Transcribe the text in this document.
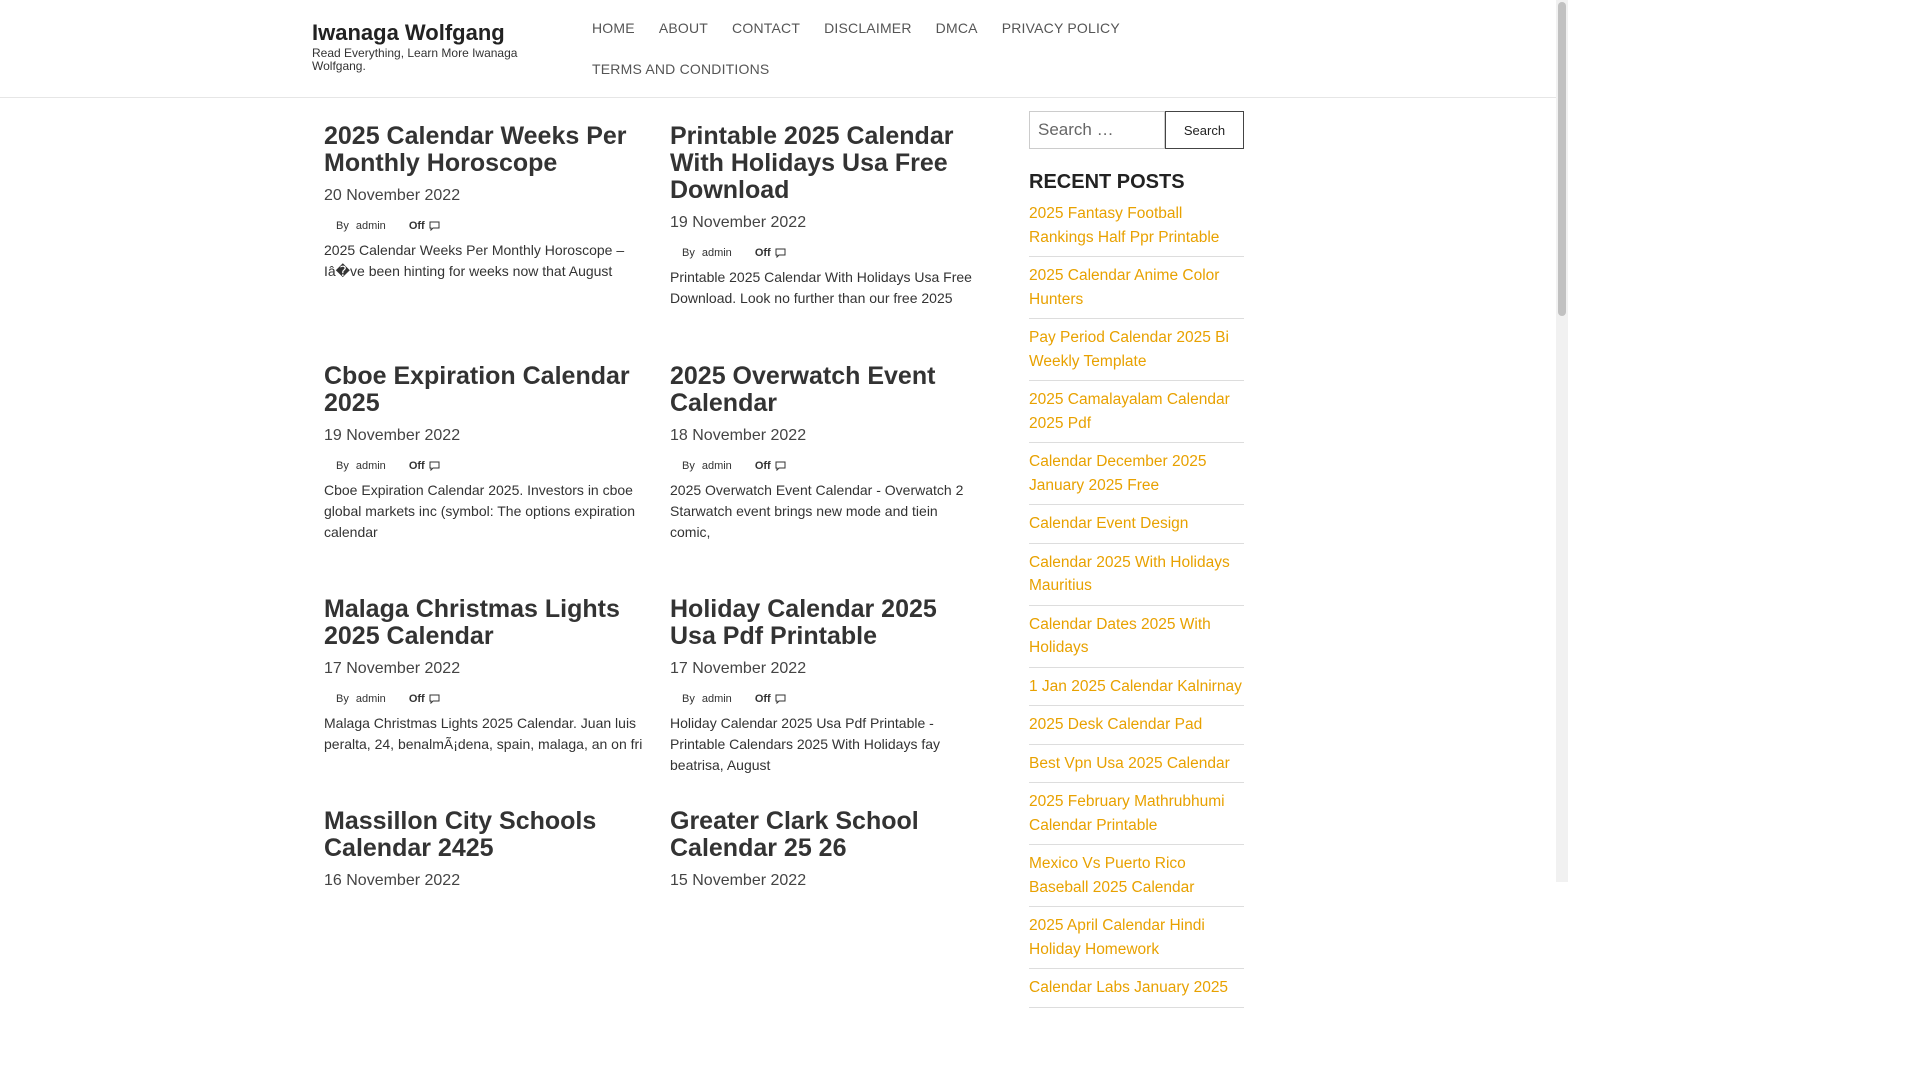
Iwanaga Wolfgang
Read Everything, Learn More Iwanaga Wolfgang.
HOME	ABOUT	CONTACT	DISCLAIMER	DMCA	PRIVACY POLICY
TERMS AND CONDITIONS
2025 Calendar Weeks Per Monthly Horoscope
20 November 2022
By admin Off
2025 Calendar Weeks Per Monthly Horoscope – Iâ�ve been hinting for weeks now that August
Printable 2025 Calendar With Holidays Usa Free Download
19 November 2022
By admin Off
Printable 2025 Calendar With Holidays Usa Free Download. Look no further than our free 2025
Cboe Expiration Calendar 2025
19 November 2022
By admin Off
Cboe Expiration Calendar 2025. Investors in cboe global markets inc (symbol: The options expiration calendar
2025 Overwatch Event Calendar
18 November 2022
By admin Off
2025 Overwatch Event Calendar - Overwatch 2 Starwatch event brings new mode and tiein comic,
Malaga Christmas Lights 2025 Calendar
17 November 2022
By admin Off
Malaga Christmas Lights 2025 Calendar. Juan luis peralta, 24, benalmÃ¡dena, spain, malaga, an on fri
Holiday Calendar 2025 Usa Pdf Printable
17 November 2022
By admin Off
Holiday Calendar 2025 Usa Pdf Printable - Printable Calendars 2025 With Holidays fay beatrisa, August
Massillon City Schools Calendar 2425
16 November 2022
Greater Clark School Calendar 25 26
15 November 2022
Search …
Search
RECENT POSTS
2025 Fantasy Football Rankings Half Ppr Printable
2025 Calendar Anime Color Hunters
Pay Period Calendar 2025 Bi Weekly Template
2025 Camalayalam Calendar 2025 Pdf
Calendar December 2025 January 2025 Free
Calendar Event Design
Calendar 2025 With Holidays Mauritius
Calendar Dates 2025 With Holidays
1 Jan 2025 Calendar Kalnirnay
2025 Desk Calendar Pad
Best Vpn Usa 2025 Calendar
2025 February Mathrubhumi Calendar Printable
Mexico Vs Puerto Rico Baseball 2025 Calendar
2025 April Calendar Hindi Holiday Homework
Calendar Labs January 2025
